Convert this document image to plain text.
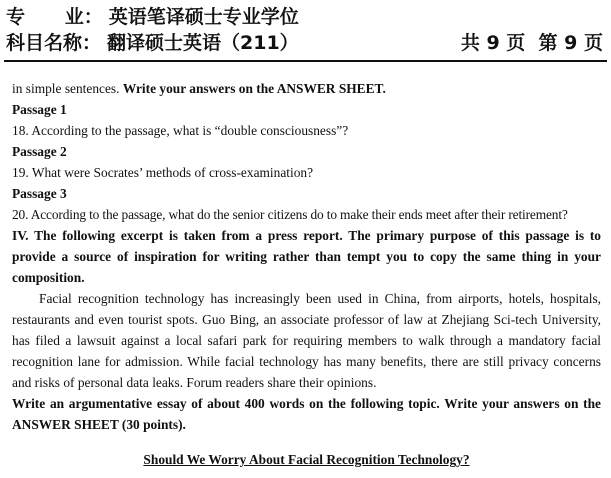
专      业： 英语笔译硕士专业学位
科目名称： 翻译硕士英语（211）	共 9 页  第 9 页
in simple sentences. Write your answers on the ANSWER SHEET.
Passage 1
18. According to the passage, what is “double consciousness”?
Passage 2
19. What were Socrates’ methods of cross-examination?
Passage 3
20. According to the passage, what do the senior citizens do to make their ends meet after their retirement?
IV. The following excerpt is taken from a press report. The primary purpose of this passage is to provide a source of inspiration for writing rather than tempt you to copy the same thing in your composition.
Facial recognition technology has increasingly been used in China, from airports, hotels, hospitals, restaurants and even tourist spots. Guo Bing, an associate professor of law at Zhejiang Sci-tech University, has filed a lawsuit against a local safari park for requiring members to walk through a mandatory facial recognition lane for admission. While facial technology has many benefits, there are still privacy concerns and risks of personal data leaks. Forum readers share their opinions.
Write an argumentative essay of about 400 words on the following topic. Write your answers on the ANSWER SHEET (30 points).
Should We Worry About Facial Recognition Technology?
